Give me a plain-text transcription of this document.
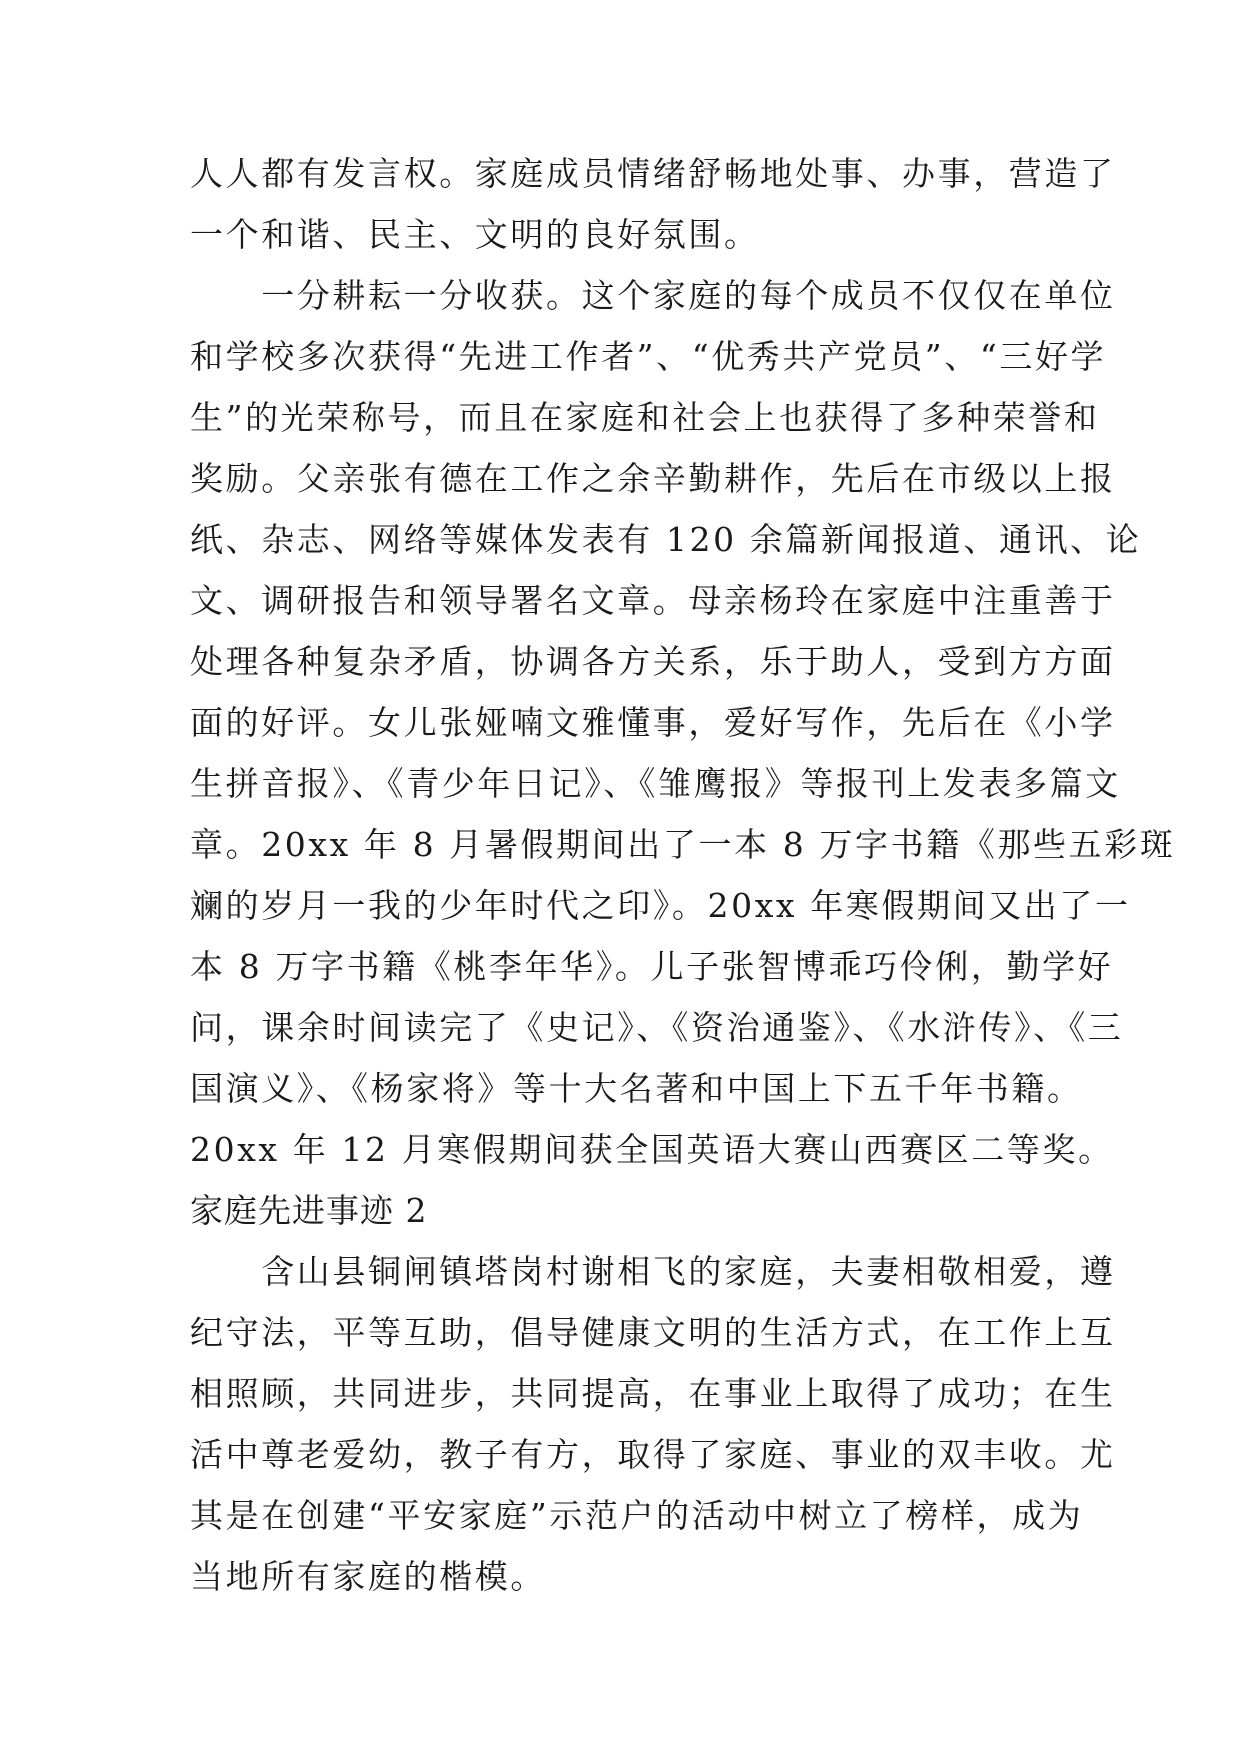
人人都有发言权。家庭成员情绪舒畅地处事、办事，营造了
一个和谐、民主、文明的良好氛围。

　　一分耕耘一分收获。这个家庭的每个成员不仅仅在单位
和学校多次获得“先进工作者”、“优秀共产党员”、“三好学
生”的光荣称号，而且在家庭和社会上也获得了多种荣誉和
奖励。父亲张有德在工作之余辛勤耕作，先后在市级以上报
纸、杂志、网络等媒体发表有 120 余篇新闻报道、通讯、论
文、调研报告和领导署名文章。母亲杨玲在家庭中注重善于
处理各种复杂矛盾，协调各方关系，乐于助人，受到方方面
面的好评。女儿张娅喃文雅懂事，爱好写作，先后在《小学
生拼音报》、《青少年日记》、《雏鹰报》等报刊上发表多篇文
章。20xx 年 8 月暑假期间出了一本 8 万字书籍《那些五彩斑
斓的岁月一我的少年时代之印》。20xx 年寒假期间又出了一
本 8 万字书籍《桃李年华》。儿子张智博乖巧伶俐，勤学好
问，课余时间读完了《史记》、《资治通鉴》、《水浒传》、《三
国演义》、《杨家将》等十大名著和中国上下五千年书籍。
20xx 年 12 月寒假期间获全国英语大赛山西赛区二等奖。

家庭先进事迹 2

　　含山县铜闸镇塔岗村谢相飞的家庭，夫妻相敬相爱，遵
纪守法，平等互助，倡导健康文明的生活方式，在工作上互
相照顾，共同进步，共同提高，在事业上取得了成功；在生
活中尊老爱幼，教子有方，取得了家庭、事业的双丰收。尤
其是在创建“平安家庭”示范户的活动中树立了榜样，成为
当地所有家庭的楷模。
